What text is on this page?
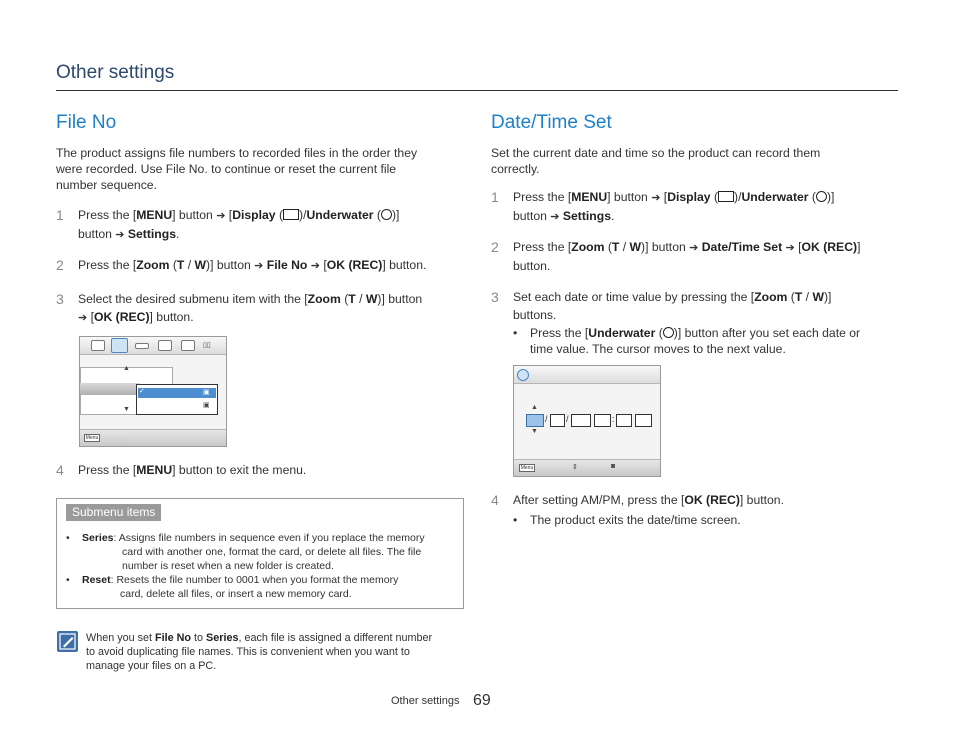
Other settings
File No
The product assigns file numbers to recorded files in the order they
were recorded. Use File No. to continue or reset the current file
number sequence.
1 Press the [MENU] button ➔ [Display ( )/Underwater ( )]
button ➔ Settings.
2 Press the [Zoom (T / W)] button ➔ File No ➔ [OK (REC)] button.
3 Select the desired submenu item with the [Zoom (T / W)] button
➔ [OK (REC)] button.
▯▯
▲
▼
✓	▣
▣
Menu
4 Press the [MENU] button to exit the menu.
Submenu items
• Series: Assigns file numbers in sequence even if you replace the memory
card with another one, format the card, or delete all files. The file
number is reset when a new folder is created.
• Reset: Resets the file number to 0001 when you format the memory
card, delete all files, or insert a new memory card.
When you set File No to Series, each file is assigned a different number
to avoid duplicating file names. This is convenient when you want to
manage your files on a PC.
Date/Time Set
Set the current date and time so the product can record them
correctly.
1 Press the [MENU] button ➔ [Display ( )/Underwater ( )]
button ➔ Settings.
2 Press the [Zoom (T / W)] button ➔ Date/Time Set ➔ [OK (REC)]
button.
3 Set each date or time value by pressing the [Zoom (T / W)]
buttons.
• Press the [Underwater ( )] button after you set each date or
time value. The cursor moves to the next value.
▲
▼
/ /	:
Menu	⇕	◙
4 After setting AM/PM, press the [OK (REC)] button.
• The product exits the date/time screen.
Other settings 69
